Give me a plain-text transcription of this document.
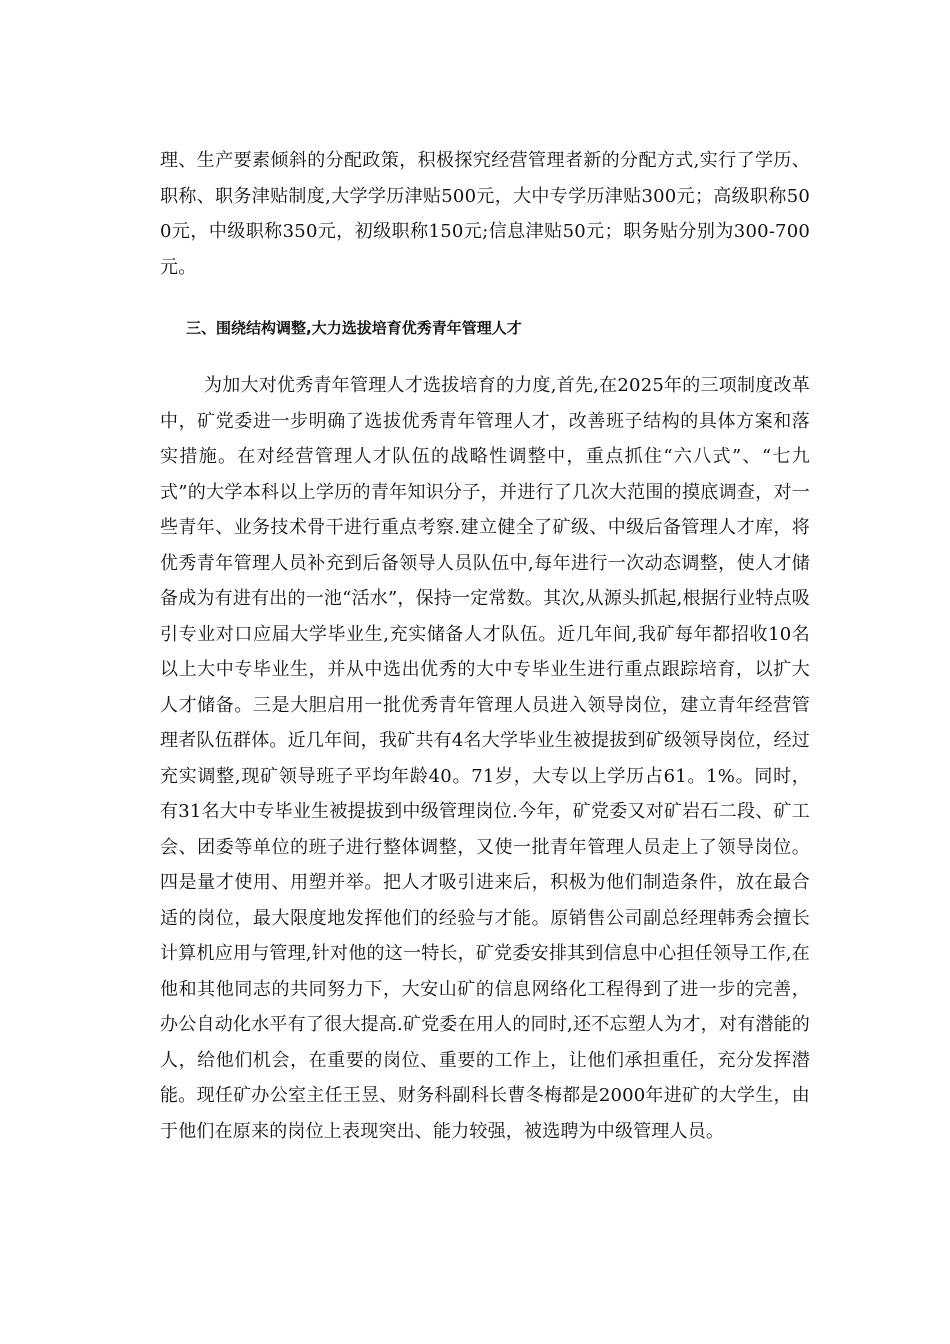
理、生产要素倾斜的分配政策，积极探究经营管理者新的分配方式,实行了学历、职称、职务津贴制度,大学学历津贴500元，大中专学历津贴300元；高级职称500元，中级职称350元，初级职称150元;信息津贴50元；职务贴分别为300-700元。

三、围绕结构调整,大力选拔培育优秀青年管理人才

为加大对优秀青年管理人才选拔培育的力度,首先,在2025年的三项制度改革中，矿党委进一步明确了选拔优秀青年管理人才，改善班子结构的具体方案和落实措施。在对经营管理人才队伍的战略性调整中，重点抓住“六八式”、“七九式”的大学本科以上学历的青年知识分子，并进行了几次大范围的摸底调查，对一些青年、业务技术骨干进行重点考察.建立健全了矿级、中级后备管理人才库，将优秀青年管理人员补充到后备领导人员队伍中,每年进行一次动态调整，使人才储备成为有进有出的一池“活水”，保持一定常数。其次,从源头抓起,根据行业特点吸引专业对口应届大学毕业生,充实储备人才队伍。近几年间,我矿每年都招收10名以上大中专毕业生，并从中选出优秀的大中专毕业生进行重点跟踪培育，以扩大人才储备。三是大胆启用一批优秀青年管理人员进入领导岗位，建立青年经营管理者队伍群体。近几年间，我矿共有4名大学毕业生被提拔到矿级领导岗位，经过充实调整,现矿领导班子平均年龄40。71岁，大专以上学历占61。1%。同时，有31名大中专毕业生被提拔到中级管理岗位.今年，矿党委又对矿岩石二段、矿工会、团委等单位的班子进行整体调整，又使一批青年管理人员走上了领导岗位。四是量才使用、用塑并举。把人才吸引进来后，积极为他们制造条件，放在最合适的岗位，最大限度地发挥他们的经验与才能。原销售公司副总经理韩秀会擅长计算机应用与管理,针对他的这一特长，矿党委安排其到信息中心担任领导工作,在他和其他同志的共同努力下，大安山矿的信息网络化工程得到了进一步的完善，办公自动化水平有了很大提高.矿党委在用人的同时,还不忘塑人为才，对有潜能的人，给他们机会，在重要的岗位、重要的工作上，让他们承担重任，充分发挥潜能。现任矿办公室主任王昱、财务科副科长曹冬梅都是2000年进矿的大学生，由于他们在原来的岗位上表现突出、能力较强，被选聘为中级管理人员。
